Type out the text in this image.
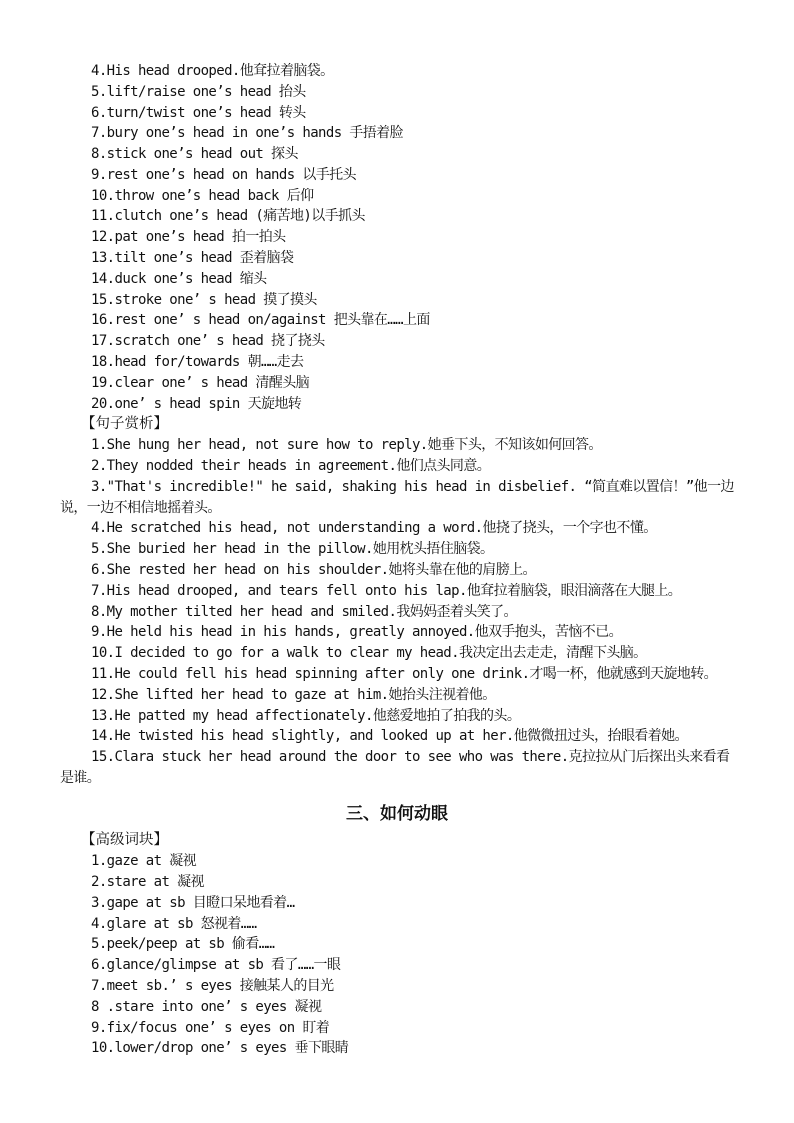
4.His head drooped.他耷拉着脑袋。
5.lift/raise one’s head 抬头
6.turn/twist one’s head 转头
7.bury one’s head in one’s hands 手捂着脸
8.stick one’s head out 探头
9.rest one’s head on hands 以手托头
10.throw one’s head back 后仰
11.clutch one’s head (痛苦地)以手抓头
12.pat one’s head 拍一拍头
13.tilt one’s head 歪着脑袋
14.duck one’s head 缩头
15.stroke one’ s head 摸了摸头
16.rest one’ s head on/against 把头靠在……上面
17.scratch one’ s head 挠了挠头
18.head for/towards 朝……走去
19.clear one’ s head 清醒头脑
20.one’ s head spin 天旋地转
【句子赏析】
1.She hung her head, not sure how to reply.她垂下头，不知该如何回答。
2.They nodded their heads in agreement.他们点头同意。
3."That's incredible!" he said, shaking his head in disbelief. “简直难以置信！”他一边说，一边不相信地摇着头。
4.He scratched his head, not understanding a word.他挠了挠头，一个字也不懂。
5.She buried her head in the pillow.她用枕头捂住脑袋。
6.She rested her head on his shoulder.她将头靠在他的肩膀上。
7.His head drooped, and tears fell onto his lap.他耷拉着脑袋，眼泪滴落在大腿上。
8.My mother tilted her head and smiled.我妈妈歪着头笑了。
9.He held his head in his hands, greatly annoyed.他双手抱头，苦恼不已。
10.I decided to go for a walk to clear my head.我决定出去走走，清醒下头脑。
11.He could fell his head spinning after only one drink.才喝一杯，他就感到天旋地转。
12.She lifted her head to gaze at him.她抬头注视着他。
13.He patted my head affectionately.他慈爱地拍了拍我的头。
14.He twisted his head slightly, and looked up at her.他微微扭过头，抬眼看着她。
15.Clara stuck her head around the door to see who was there.克拉拉从门后探出头来看看是谁。
三、如何动眼
【高级词块】
1.gaze at 凝视
2.stare at 凝视
3.gape at sb 目瞪口呆地看着…
4.glare at sb 怒视着……
5.peek/peep at sb 偷看……
6.glance/glimpse at sb 看了……一眼
7.meet sb.’ s eyes 接触某人的目光
8 .stare into one’ s eyes 凝视
9.fix/focus one’ s eyes on 盯着
10.lower/drop one’ s eyes 垂下眼睛
